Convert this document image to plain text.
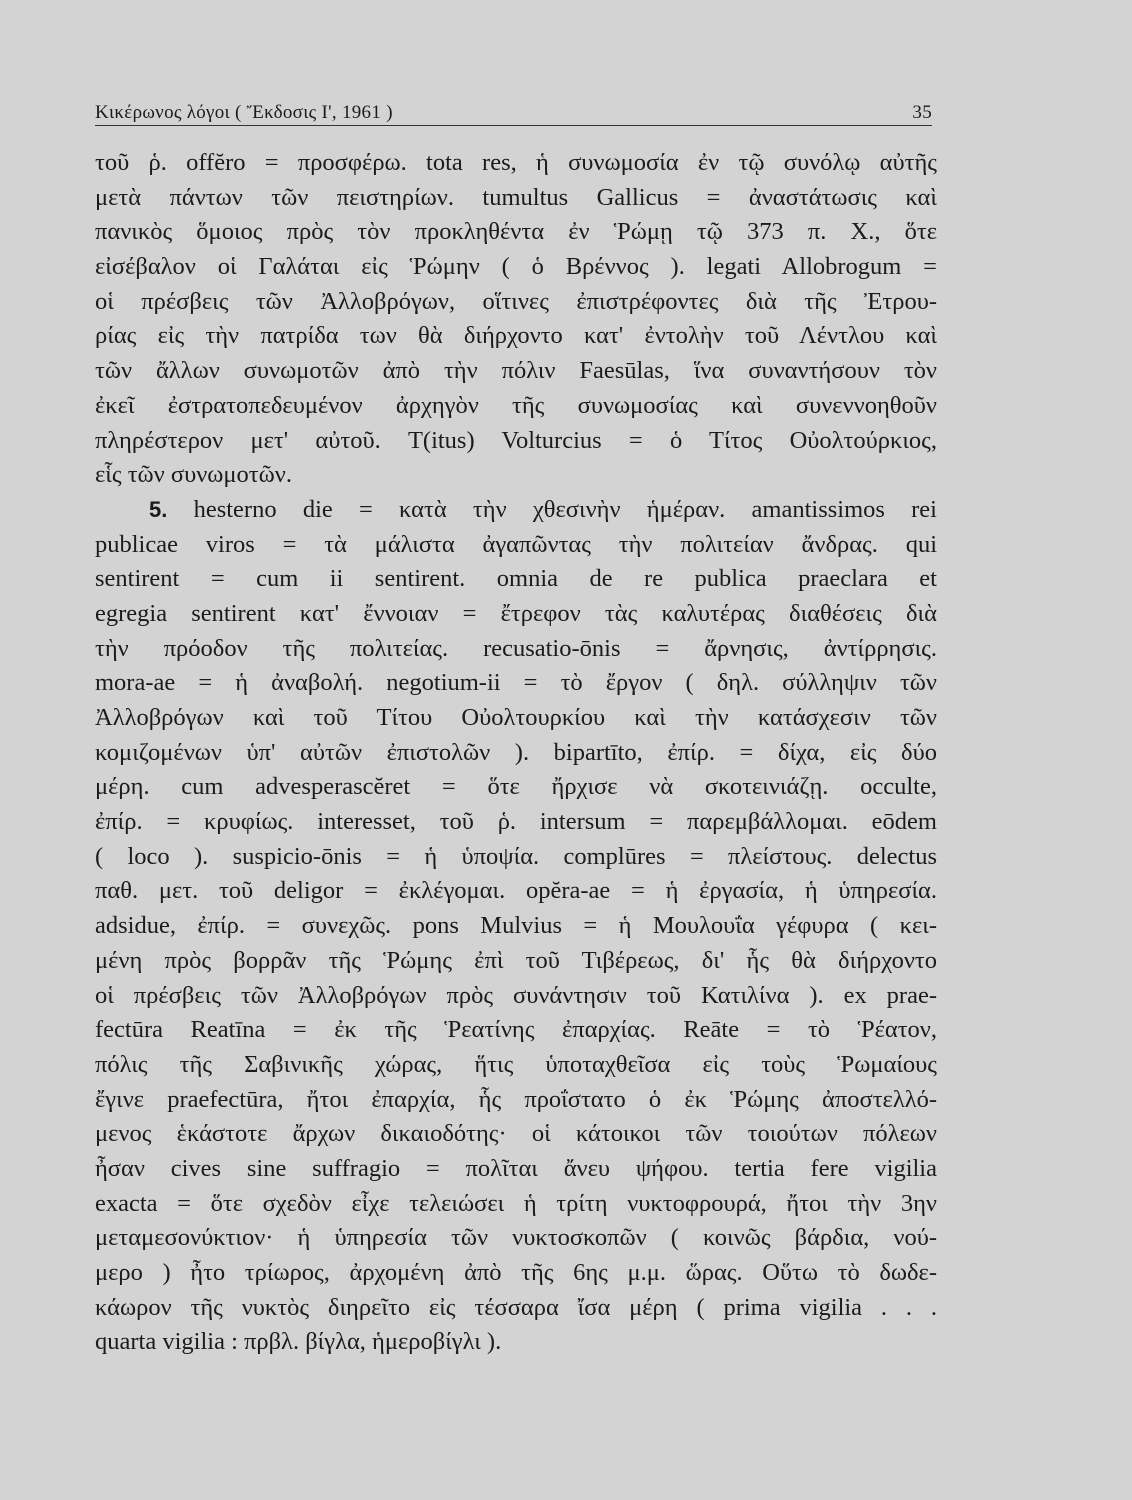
Κικέρωνος λόγοι ( Ἔκδοσις Ι', 1961 )	35
τοῦ ῥ. offĕro = προσφέρω. tota res, ἡ συνωμοσία ἐν τῷ συνόλῳ αὐτῆς
μετὰ πάντων τῶν πειστηρίων. tumultus Gallicus = ἀναστάτωσις καὶ
πανικὸς ὅμοιος πρὸς τὸν προκληθέντα ἐν Ῥώμῃ τῷ 373 π. Χ., ὅτε
εἰσέβαλον οἱ Γαλάται εἰς Ῥώμην ( ὁ Βρέννος ). legati Allobrogum =
οἱ πρέσβεις τῶν Ἀλλοβρόγων, οἵτινες ἐπιστρέφοντες διὰ τῆς Ἐτρου-
ρίας εἰς τὴν πατρίδα των θὰ διήρχοντο κατ' ἐντολὴν τοῦ Λέντλου καὶ
τῶν ἄλλων συνωμοτῶν ἀπὸ τὴν πόλιν Faesūlas, ἵνα συναντήσουν τὸν
ἐκεῖ ἐστρατοπεδευμένον ἀρχηγὸν τῆς συνωμοσίας καὶ συνεννοηθοῦν
πληρέστερον μετ' αὐτοῦ. T(itus) Volturcius = ὁ Τίτος Οὐολτούρκιος,
εἷς τῶν συνωμοτῶν.
5. hesterno die = κατὰ τὴν χθεσινὴν ἡμέραν. amantissimos rei
publicae viros = τὰ μάλιστα ἀγαπῶντας τὴν πολιτείαν ἄνδρας. qui
sentirent = cum ii sentirent. omnia de re publica praeclara et
egregia sentirent κατ' ἔννοιαν = ἔτρεφον τὰς καλυτέρας διαθέσεις διὰ
τὴν πρόοδον τῆς πολιτείας. recusatio-ōnis = ἄρνησις, ἀντίρρησις.
mora-ae = ἡ ἀναβολή. negotium-ii = τὸ ἔργον ( δηλ. σύλληψιν τῶν
Ἀλλοβρόγων καὶ τοῦ Τίτου Οὐολτουρκίου καὶ τὴν κατάσχεσιν τῶν
κομιζομένων ὑπ' αὐτῶν ἐπιστολῶν ). bipartīto, ἐπίρ. = δίχα, εἰς δύο
μέρη. cum advesperascĕret = ὅτε ἤρχισε νὰ σκοτεινιάζῃ. occulte,
ἐπίρ. = κρυφίως. interesset, τοῦ ῥ. intersum = παρεμβάλλομαι. eōdem
( loco ). suspicio-ōnis = ἡ ὑποψία. complūres = πλείστους. delectus
παθ. μετ. τοῦ deligor = ἐκλέγομαι. opĕra-ae = ἡ ἐργασία, ἡ ὑπηρεσία.
adsidue, ἐπίρ. = συνεχῶς. pons Mulvius = ἡ Μουλουΐα γέφυρα ( κει-
μένη πρὸς βορρᾶν τῆς Ῥώμης ἐπὶ τοῦ Τιβέρεως, δι' ἧς θὰ διήρχοντο
οἱ πρέσβεις τῶν Ἀλλοβρόγων πρὸς συνάντησιν τοῦ Κατιλίνα ). ex prae-
fectūra Reatīna = ἐκ τῆς Ῥεατίνης ἐπαρχίας. Reāte = τὸ Ῥέατον,
πόλις τῆς Σαβινικῆς χώρας, ἥτις ὑποταχθεῖσα εἰς τοὺς Ῥωμαίους
ἔγινε praefectūra, ἤτοι ἐπαρχία, ἧς προΐστατο ὁ ἐκ Ῥώμης ἀποστελλό-
μενος ἑκάστοτε ἄρχων δικαιοδότης· οἱ κάτοικοι τῶν τοιούτων πόλεων
ἦσαν cives sine suffragio = πολῖται ἄνευ ψήφου. tertia fere vigilia
exacta = ὅτε σχεδὸν εἶχε τελειώσει ἡ τρίτη νυκτοφρουρά, ἤτοι τὴν 3ην
μεταμεσονύκτιον· ἡ ὑπηρεσία τῶν νυκτοσκοπῶν ( κοινῶς βάρδια, νού-
μερο ) ἦτο τρίωρος, ἀρχομένη ἀπὸ τῆς 6ης μ.μ. ὥρας. Οὕτω τὸ δωδε-
κάωρον τῆς νυκτὸς διηρεῖτο εἰς τέσσαρα ἴσα μέρη ( prima vigilia . . .
quarta vigilia : πρβλ. βίγλα, ἡμεροβίγλι ).
